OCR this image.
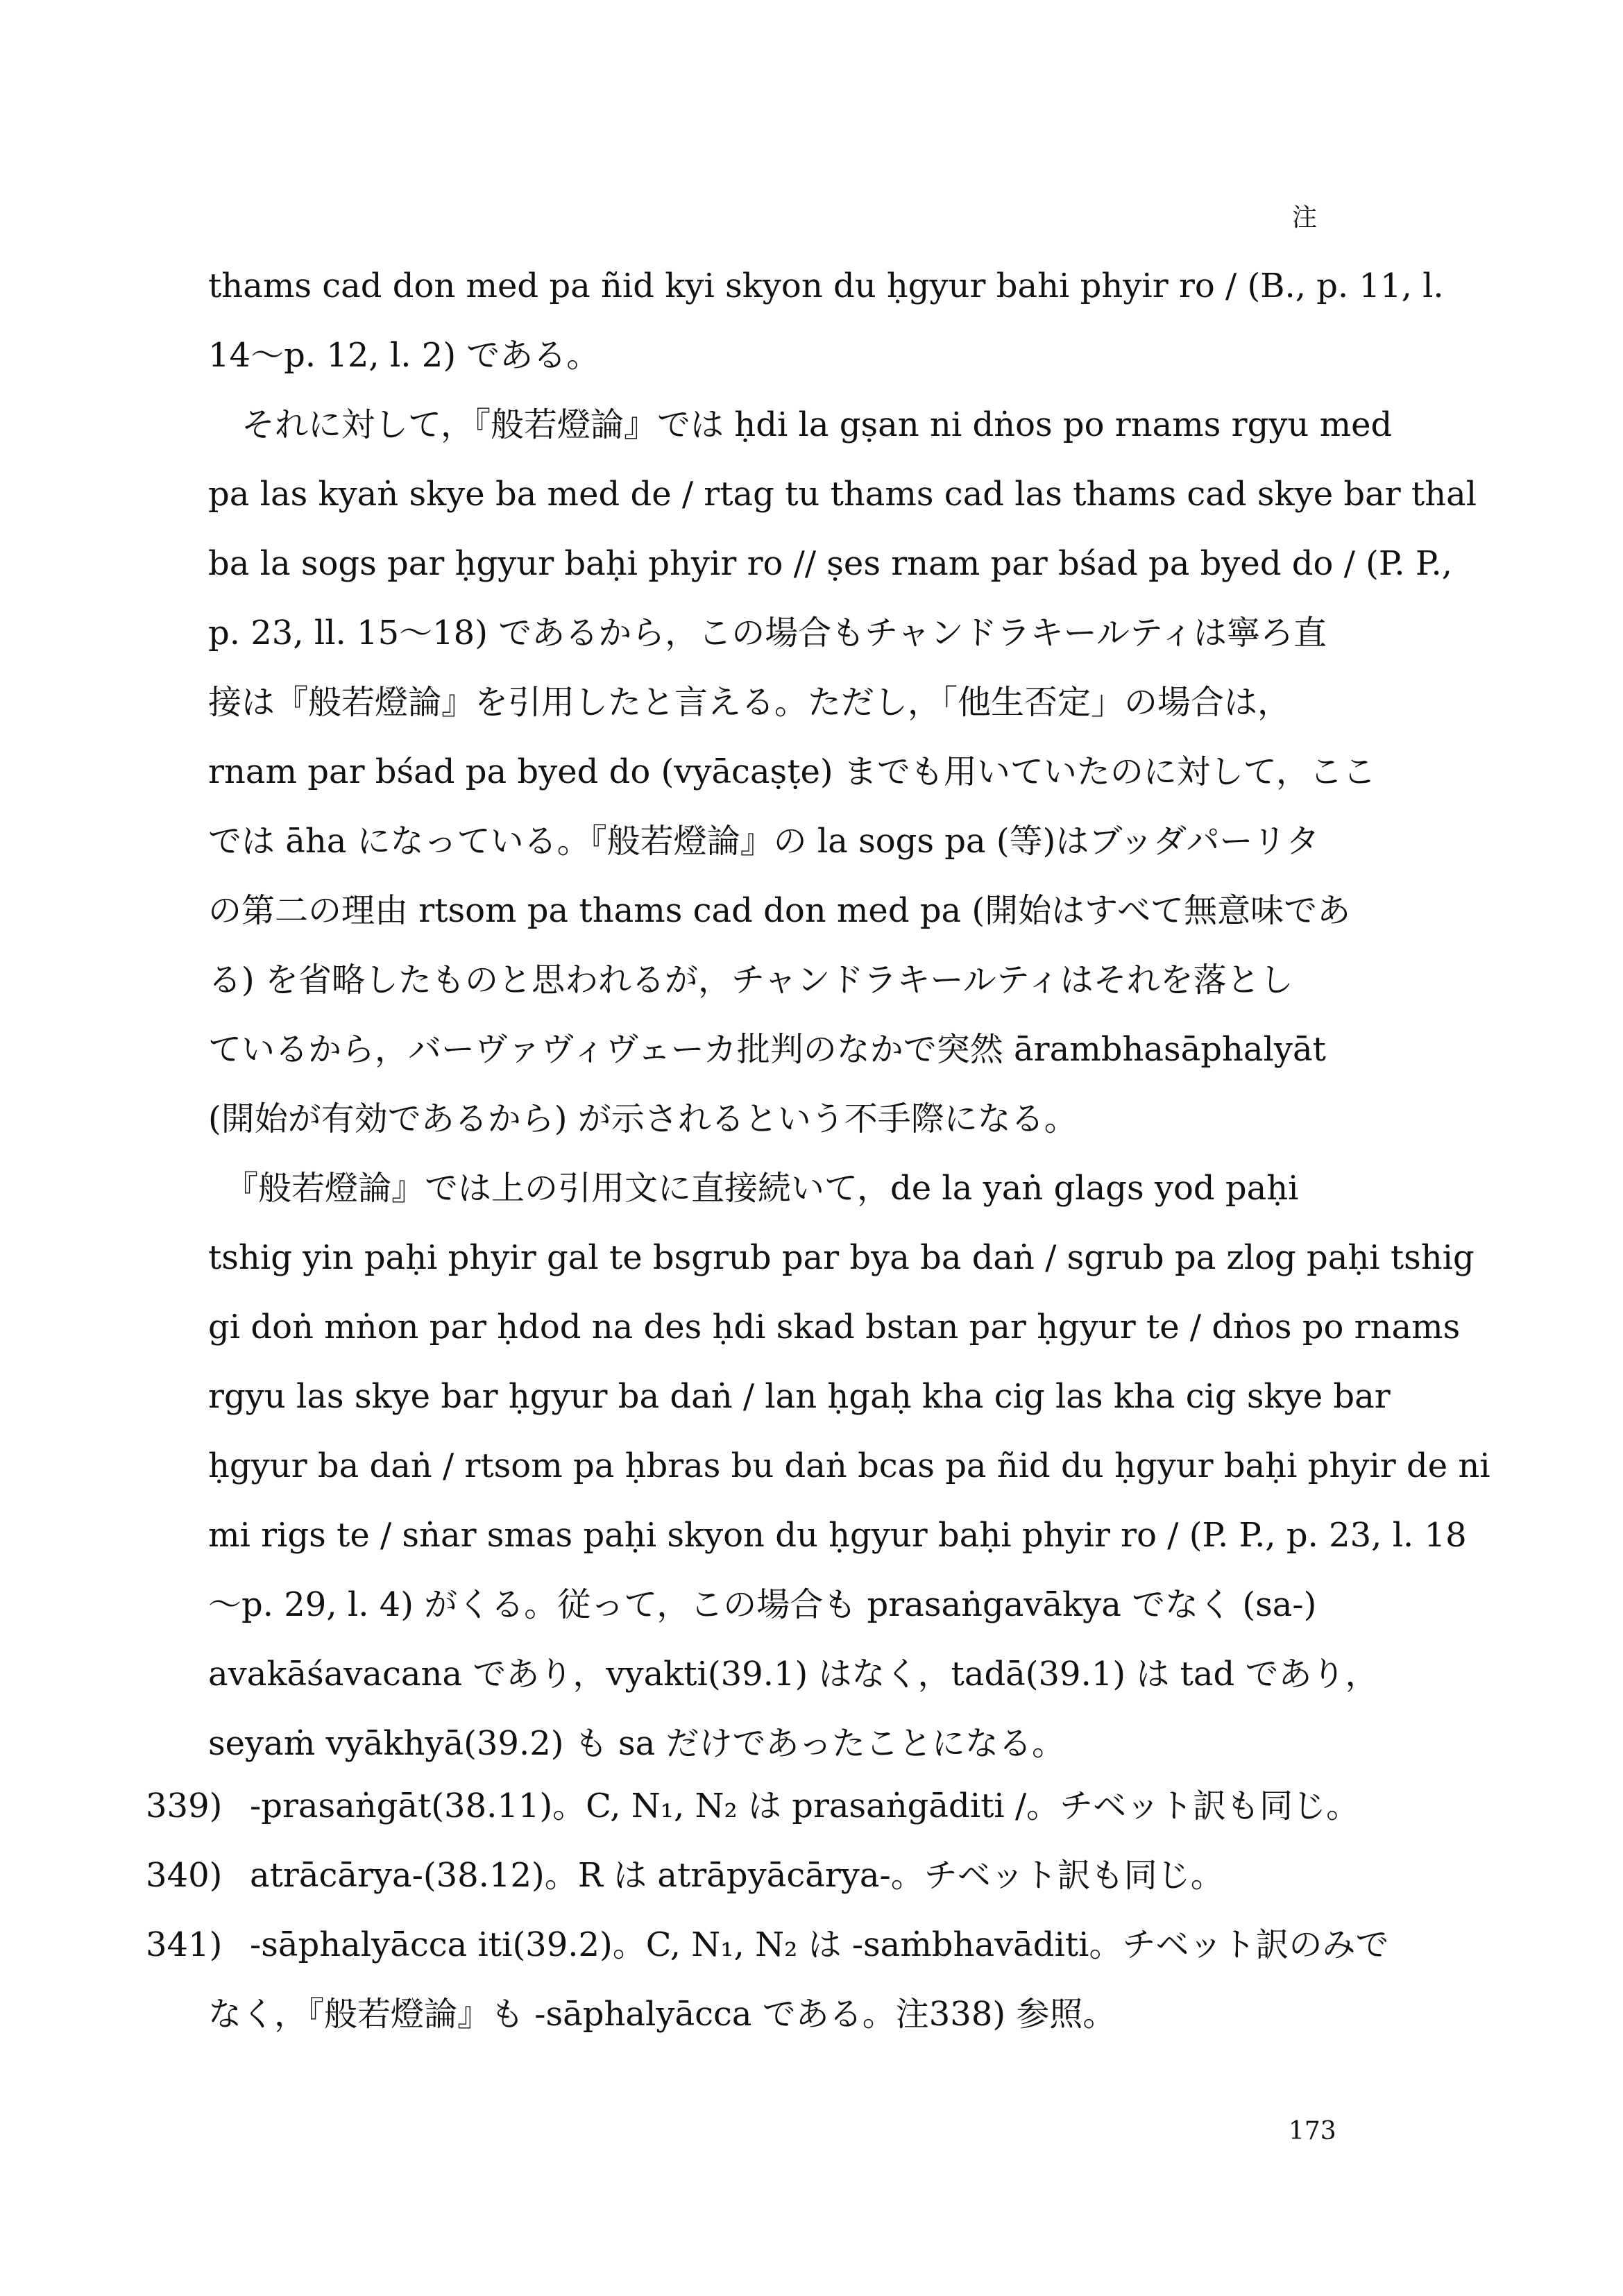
注
thams cad don med pa ñid kyi skyon du ḥgyur bahi phyir ro / (B., p. 11, l.
14〜p. 12, l. 2) である。
　それに対して，『般若燈論』では ḥdi la gṣan ni dṅos po rnams rgyu med
pa las kyaṅ skye ba med de / rtag tu thams cad las thams cad skye bar thal
ba la sogs par ḥgyur baḥi phyir ro // ṣes rnam par bśad pa byed do / (P. P.,
p. 23, ll. 15〜18) であるから，この場合もチャンドラキールティは寧ろ直
接は『般若燈論』を引用したと言える。ただし，「他生否定」の場合は，
rnam par bśad pa byed do (vyācaṣṭe) までも用いていたのに対して，ここ
では āha になっている。『般若燈論』の la sogs pa (等)はブッダパーリタ
の第二の理由 rtsom pa thams cad don med pa (開始はすべて無意味であ
る) を省略したものと思われるが，チャンドラキールティはそれを落とし
ているから，バーヴァヴィヴェーカ批判のなかで突然 ārambhasāphalyāt
(開始が有効であるから) が示されるという不手際になる。
　『般若燈論』では上の引用文に直接続いて，de la yaṅ glags yod paḥi
tshig yin paḥi phyir gal te bsgrub par bya ba daṅ / sgrub pa zlog paḥi tshig
gi doṅ mṅon par ḥdod na des ḥdi skad bstan par ḥgyur te / dṅos po rnams
rgyu las skye bar ḥgyur ba daṅ / lan ḥgaḥ kha cig las kha cig skye bar
ḥgyur ba daṅ / rtsom pa ḥbras bu daṅ bcas pa ñid du ḥgyur baḥi phyir de ni
mi rigs te / sṅar smas paḥi skyon du ḥgyur baḥi phyir ro / (P. P., p. 23, l. 18
〜p. 29, l. 4) がくる。従って，この場合も prasaṅgavākya でなく (sa-)
avakāśavacana であり，vyakti(39.1) はなく，tadā(39.1) は tad であり，
seyaṁ vyākhyā(39.2) も sa だけであったことになる。
339) -prasaṅgāt(38.11)。C, N₁, N₂ は prasaṅgāditi /。チベット訳も同じ。
340) atrācārya-(38.12)。R は atrāpyācārya-。チベット訳も同じ。
341) -sāphalyācca iti(39.2)。C, N₁, N₂ は -saṁbhavāditi。チベット訳のみで
なく，『般若燈論』も -sāphalyācca である。注338) 参照。
173
